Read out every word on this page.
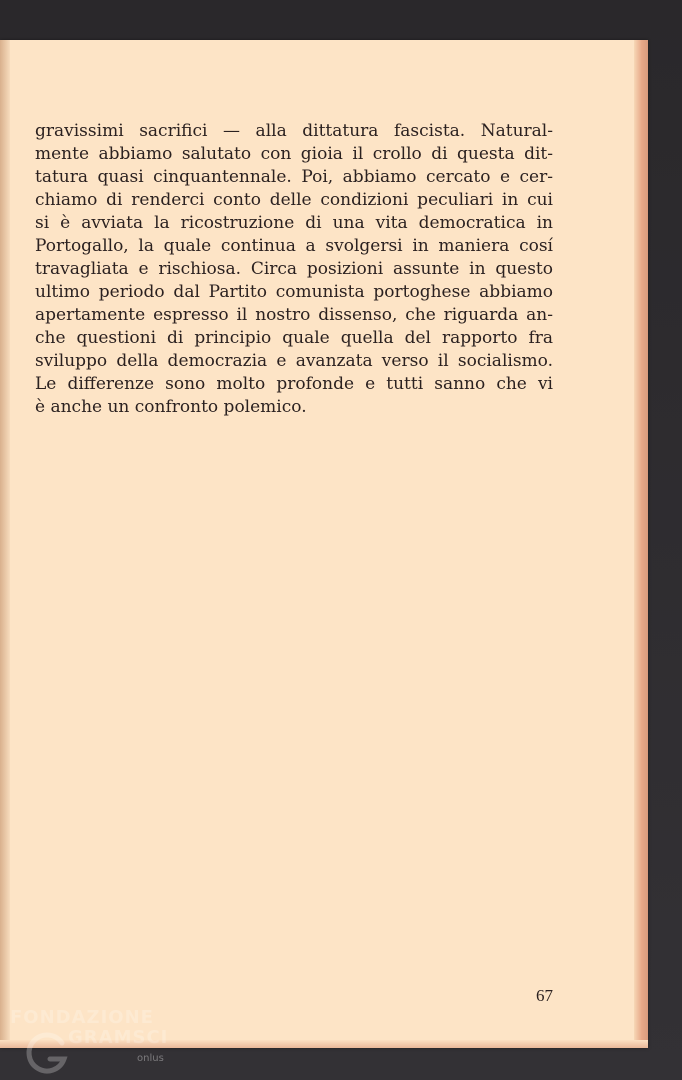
gravissimi sacrifici — alla dittatura fascista. Natural-
mente abbiamo salutato con gioia il crollo di questa dit-
tatura quasi cinquantennale. Poi, abbiamo cercato e cer-
chiamo di renderci conto delle condizioni peculiari in cui
si è avviata la ricostruzione di una vita democratica in
Portogallo, la quale continua a svolgersi in maniera cosí
travagliata e rischiosa. Circa posizioni assunte in questo
ultimo periodo dal Partito comunista portoghese abbiamo
apertamente espresso il nostro dissenso, che riguarda an-
che questioni di principio quale quella del rapporto fra
sviluppo della democrazia e avanzata verso il socialismo.
Le differenze sono molto profonde e tutti sanno che vi
è anche un confronto polemico.
67
FONDAZIONE
GRAMSCI
onlus
